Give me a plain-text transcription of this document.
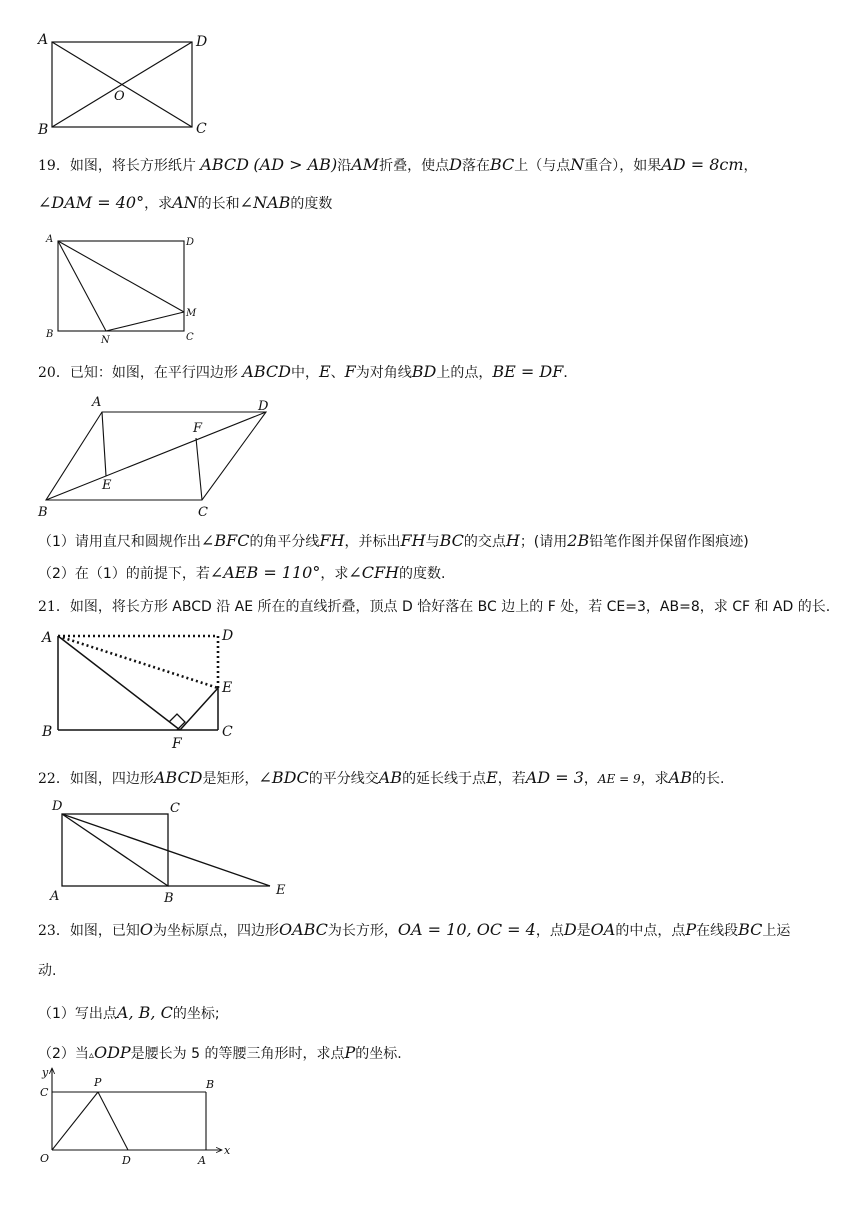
A	D
B	C
O
19．如图，将长方形纸片 ABCD (AD > AB)沿AM折叠，使点D落在BC上（与点N重合），如果AD = 8cm，
∠DAM = 40°，求AN的长和∠NAB的度数
A	D
B	C
M
N
20．已知：如图，在平行四边形 ABCD中，E、F为对角线BD上的点，BE = DF．
A	D
B	C
E
F
（1）请用直尺和圆规作出∠BFC的角平分线FH，并标出FH与BC的交点H；(请用2B铅笔作图并保留作图痕迹)
（2）在（1）的前提下，若∠AEB = 110°，求∠CFH的度数.
21．如图，将长方形 ABCD 沿 AE 所在的直线折叠，顶点 D 恰好落在 BC 边上的 F 处，若 CE=3，AB=8，求 CF 和 AD 的长.
A	D
E
B	C
F
22．如图，四边形ABCD是矩形，∠BDC的平分线交AB的延长线于点E，若AD = 3，AE = 9，求AB的长.
D	C
A	B
E
23．如图，已知O为坐标原点，四边形OABC为长方形，OA = 10, OC = 4，点D是OA的中点，点P在线段BC上运
动.
（1）写出点A, B, C的坐标;
（2）当▵ODP是腰长为 5 的等腰三角形时，求点P的坐标.
y
x
C
P	B
O	D	A
